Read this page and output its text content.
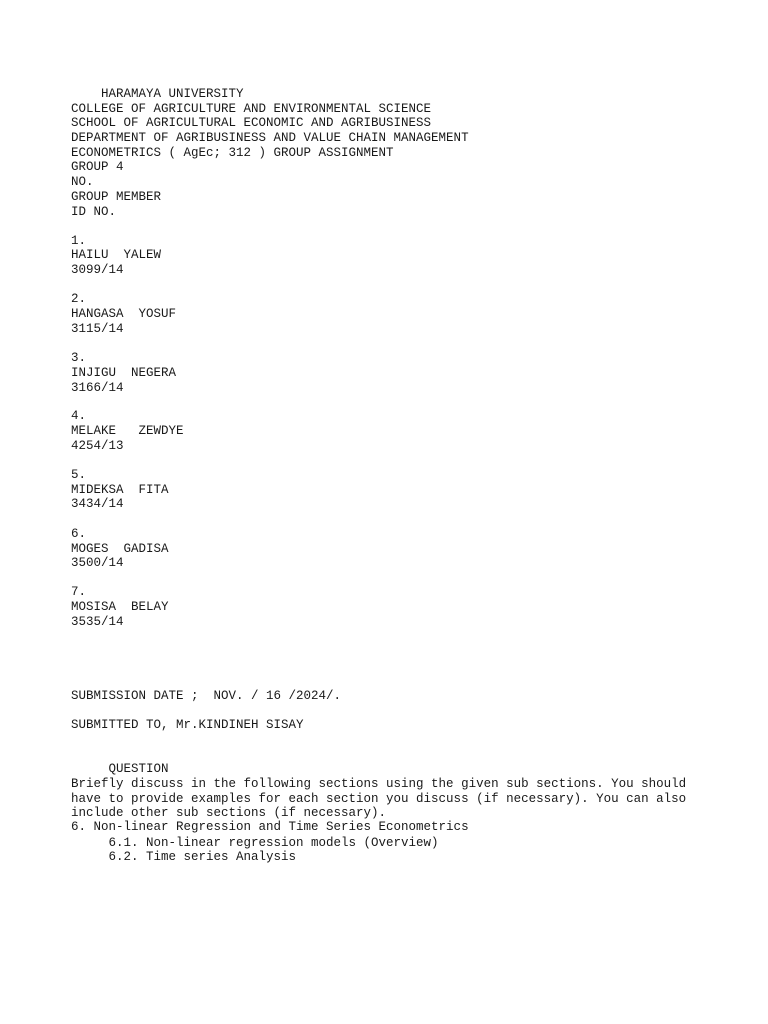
HARAMAYA UNIVERSITY
COLLEGE OF AGRICULTURE AND ENVIRONMENTAL SCIENCE
SCHOOL OF AGRICULTURAL ECONOMIC AND AGRIBUSINESS
DEPARTMENT OF AGRIBUSINESS AND VALUE CHAIN MANAGEMENT
ECONOMETRICS ( AgEc; 312 ) GROUP ASSIGNMENT
GROUP 4
NO.
GROUP MEMBER
ID NO.
1.
HAILU  YALEW
3099/14
2.
HANGASA  YOSUF
3115/14
3.
INJIGU  NEGERA
3166/14
4.
MELAKE   ZEWDYE
4254/13
5.
MIDEKSA  FITA
3434/14
6.
MOGES  GADISA
3500/14
7.
MOSISA  BELAY
3535/14
SUBMISSION DATE ;  NOV. / 16 /2024/.
SUBMITTED TO, Mr.KINDINEH SISAY
QUESTION
Briefly discuss in the following sections using the given sub sections. You should have to provide examples for each section you discuss (if necessary). You can also include other sub sections (if necessary).
6. Non-linear Regression and Time Series Econometrics
6.1. Non-linear regression models (Overview)
6.2. Time series Analysis
